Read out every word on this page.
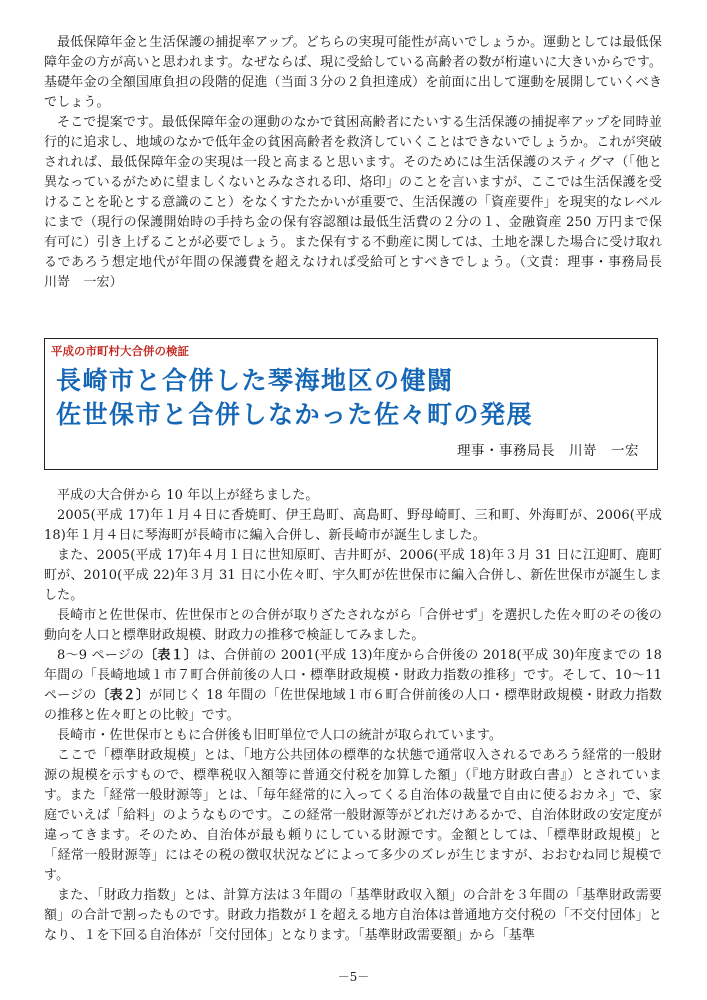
最低保障年金と生活保護の捕捉率アップ。どちらの実現可能性が高いでしょうか。運動としては最低保障年金の方が高いと思われます。なぜならば、現に受給している高齢者の数が桁違いに大きいからです。基礎年金の全額国庫負担の段階的促進（当面３分の２負担達成）を前面に出して運動を展開していくべきでしょう。

そこで提案です。最低保障年金の運動のなかで貧困高齢者にたいする生活保護の捕捉率アップを同時並行的に追求し、地域のなかで低年金の貧困高齢者を救済していくことはできないでしょうか。これが突破されれば、最低保障年金の実現は一段と高まると思います。そのためには生活保護のスティグマ（「他と異なっているがために望ましくないとみなされる印、烙印」のことを言いますが、ここでは生活保護を受けることを恥とする意識のこと）をなくすたたかいが重要で、生活保護の「資産要件」を現実的なレベルにまで（現行の保護開始時の手持ち金の保有容認額は最低生活費の２分の１、金融資産 250 万円まで保有可に）引き上げることが必要でしょう。また保有する不動産に関しては、土地を課した場合に受け取れるであろう想定地代が年間の保護費を超えなければ受給可とすべきでしょう。（文責：理事・事務局長　川嵜　一宏）

平成の市町村大合併の検証
長崎市と合併した琴海地区の健闘
佐世保市と合併しなかった佐々町の発展
理事・事務局長　川嵜　一宏

平成の大合併から 10 年以上が経ちました。

2005(平成 17)年１月４日に香焼町、伊王島町、高島町、野母崎町、三和町、外海町が、2006(平成 18)年１月４日に琴海町が長崎市に編入合併し、新長崎市が誕生しました。

また、2005(平成 17)年４月１日に世知原町、吉井町が、2006(平成 18)年３月 31 日に江迎町、鹿町町が、2010(平成 22)年３月 31 日に小佐々町、宇久町が佐世保市に編入合併し、新佐世保市が誕生しました。

長崎市と佐世保市、佐世保市との合併が取りざたされながら「合併せず」を選択した佐々町のその後の動向を人口と標準財政規模、財政力の推移で検証してみました。

8～9 ページの〔表１〕は、合併前の 2001(平成 13)年度から合併後の 2018(平成 30)年度までの 18 年間の「長崎地域１市７町合併前後の人口・標準財政規模・財政力指数の推移」です。そして、10～11 ページの〔表２〕が同じく 18 年間の「佐世保地域１市６町合併前後の人口・標準財政規模・財政力指数の推移と佐々町との比較」です。

長崎市・佐世保市ともに合併後も旧町単位で人口の統計が取られています。

ここで「標準財政規模」とは、「地方公共団体の標準的な状態で通常収入されるであろう経常的一般財源の規模を示すもので、標準税収入額等に普通交付税を加算した額」（『地方財政白書』）とされています。また「経常一般財源等」とは、「毎年経常的に入ってくる自治体の裁量で自由に使るおカネ」で、家庭でいえば「給料」のようなものです。この経常一般財源等がどれだけあるかで、自治体財政の安定度が違ってきます。そのため、自治体が最も頼りにしている財源です。金額としては、「標準財政規模」と「経常一般財源等」にはその税の徴収状況などによって多少のズレが生じますが、おおむね同じ規模です。

また、「財政力指数」とは、計算方法は３年間の「基準財政収入額」の合計を３年間の「基準財政需要額」の合計で割ったものです。財政力指数が１を超える地方自治体は普通地方交付税の「不交付団体」となり、１を下回る自治体が「交付団体」となります。「基準財政需要額」から「基準

－5－
